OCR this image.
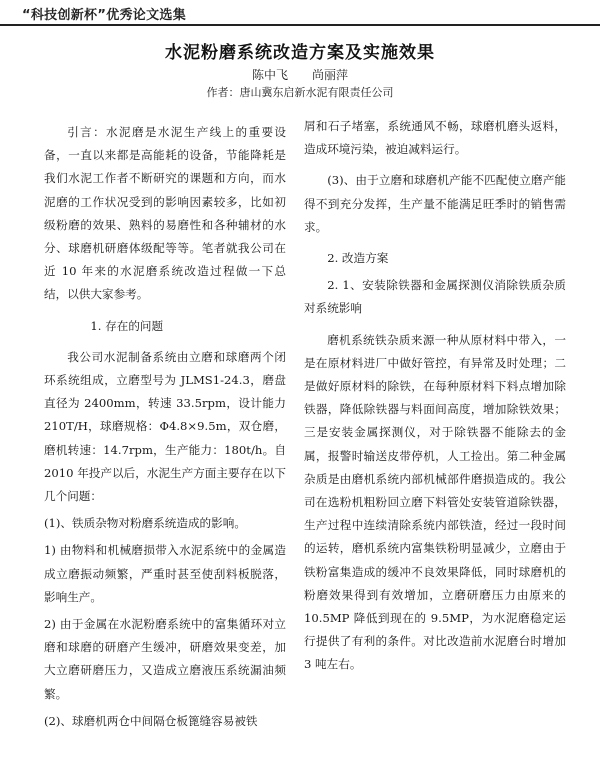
“科技创新杯”优秀论文选集
水泥粉磨系统改造方案及实施效果
陈中飞　　尚丽萍
作者：唐山冀东启新水泥有限责任公司

引言：水泥磨是水泥生产线上的重要设备，一直以来都是高能耗的设备，节能降耗是我们水泥工作者不断研究的课题和方向，而水泥磨的工作状况受到的影响因素较多，比如初级粉磨的效果、熟料的易磨性和各种辅材的水分、球磨机研磨体级配等等。笔者就我公司在近 10 年来的水泥磨系统改造过程做一下总结，以供大家参考。

1. 存在的问题

我公司水泥制备系统由立磨和球磨两个闭环系统组成，立磨型号为 JLMS1-24.3，磨盘直径为 2400mm，转速 33.5rpm，设计能力 210T/H，球磨规格：Φ4.8×9.5m，双仓磨，磨机转速：14.7rpm，生产能力：180t/h。自 2010 年投产以后，水泥生产方面主要存在以下几个问题：

(1)、铁质杂物对粉磨系统造成的影响。

1) 由物料和机械磨损带入水泥系统中的金属造成立磨振动频繁，严重时甚至使刮料板脱落，影响生产。

2) 由于金属在水泥粉磨系统中的富集循环对立磨和球磨的研磨产生缓冲，研磨效果变差，加大立磨研磨压力，又造成立磨液压系统漏油频繁。

(2)、球磨机两仓中间隔仓板篦缝容易被铁

屑和石子堵塞，系统通风不畅，球磨机磨头返料，造成环境污染，被迫减料运行。

(3)、由于立磨和球磨机产能不匹配使立磨产能得不到充分发挥，生产量不能满足旺季时的销售需求。

2. 改造方案

2. 1、安装除铁器和金属探测仪消除铁质杂质对系统影响

磨机系统铁杂质来源一种从原材料中带入，一是在原材料进厂中做好管控，有异常及时处理；二是做好原材料的除铁，在每种原材料下料点增加除铁器，降低除铁器与料面间高度，增加除铁效果；三是安装金属探测仪，对于除铁器不能除去的金属，报警时输送皮带停机，人工捡出。第二种金属杂质是由磨机系统内部机械部件磨损造成的。我公司在选粉机粗粉回立磨下料管处安装管道除铁器，生产过程中连续清除系统内部铁渣，经过一段时间的运转，磨机系统内富集铁粉明显减少，立磨由于铁粉富集造成的缓冲不良效果降低，同时球磨机的粉磨效果得到有效增加，立磨研磨压力由原来的 10.5MP 降低到现在的 9.5MP，为水泥磨稳定运行提供了有利的条件。对比改造前水泥磨台时增加 3 吨左右。
